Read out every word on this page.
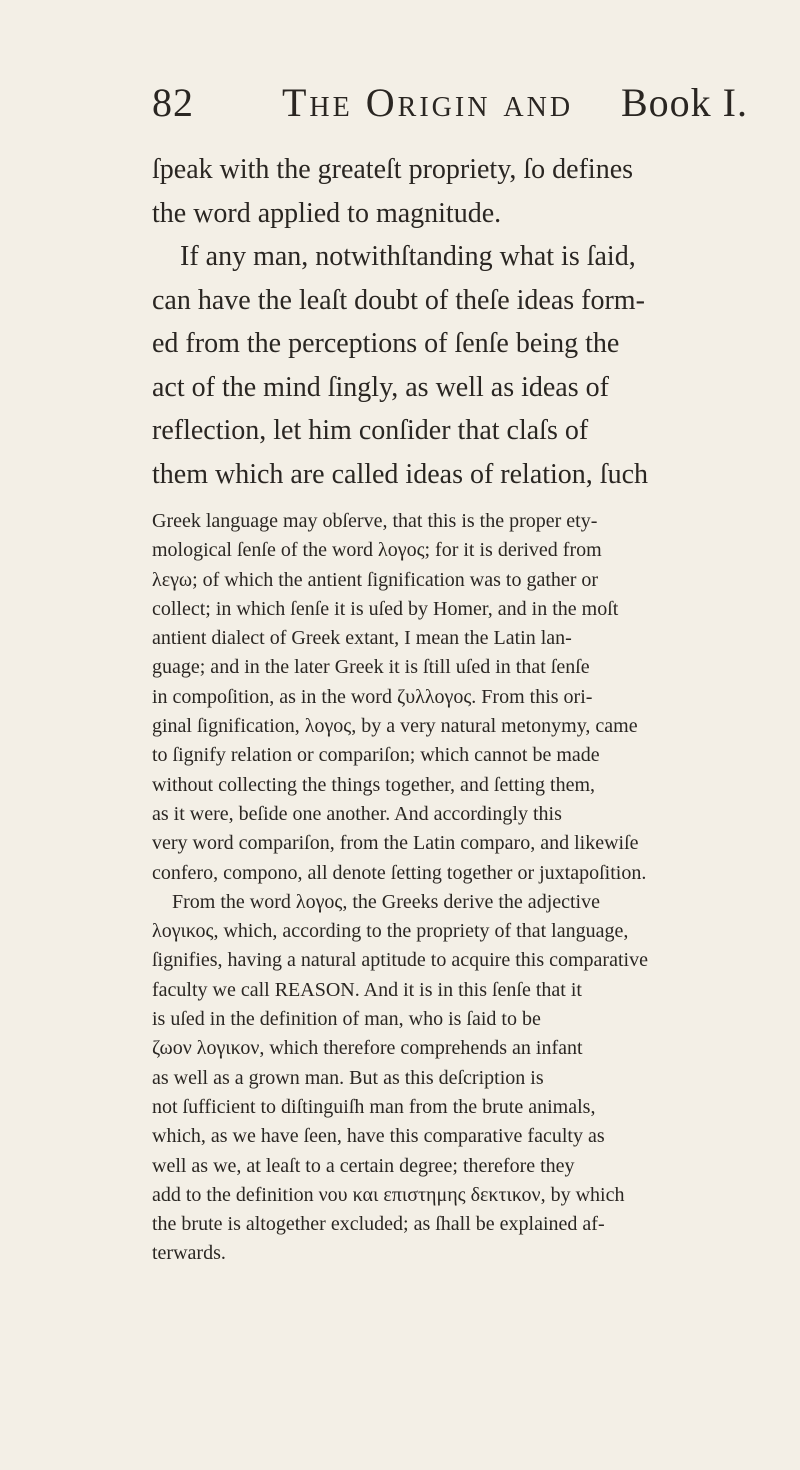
82 The Origin and Book I.
ſpeak with the greateſt propriety, ſo defines
the word applied to magnitude.
If any man, notwithſtanding what is ſaid,
can have the leaſt doubt of theſe ideas form-
ed from the perceptions of ſenſe being the
act of the mind ſingly, as well as ideas of
reflection, let him conſider that claſs of
them which are called ideas of relation, ſuch
Greek language may obſerve, that this is the proper ety-
mological ſenſe of the word λογος; for it is derived from
λεγω; of which the antient ſignification was to gather or
collect; in which ſenſe it is uſed by Homer, and in the moſt
antient dialect of Greek extant, I mean the Latin lan-
guage; and in the later Greek it is ſtill uſed in that ſenſe
in compoſition, as in the word ζυλλογος. From this ori-
ginal ſignification, λογος, by a very natural metonymy, came
to ſignify relation or compariſon; which cannot be made
without collecting the things together, and ſetting them,
as it were, beſide one another. And accordingly this
very word compariſon, from the Latin comparo, and likewiſe
confero, compono, all denote ſetting together or juxtapoſition.
From the word λογος, the Greeks derive the adjective
λογικος, which, according to the propriety of that language,
ſignifies, having a natural aptitude to acquire this comparative
faculty we call REASON. And it is in this ſenſe that it
is uſed in the definition of man, who is ſaid to be
ζωον λογικον, which therefore comprehends an infant
as well as a grown man. But as this deſcription is
not ſufficient to diſtinguiſh man from the brute animals,
which, as we have ſeen, have this comparative faculty as
well as we, at leaſt to a certain degree; therefore they
add to the definition νου και επιστημης δεκτικον, by which
the brute is altogether excluded; as ſhall be explained af-
terwards.
